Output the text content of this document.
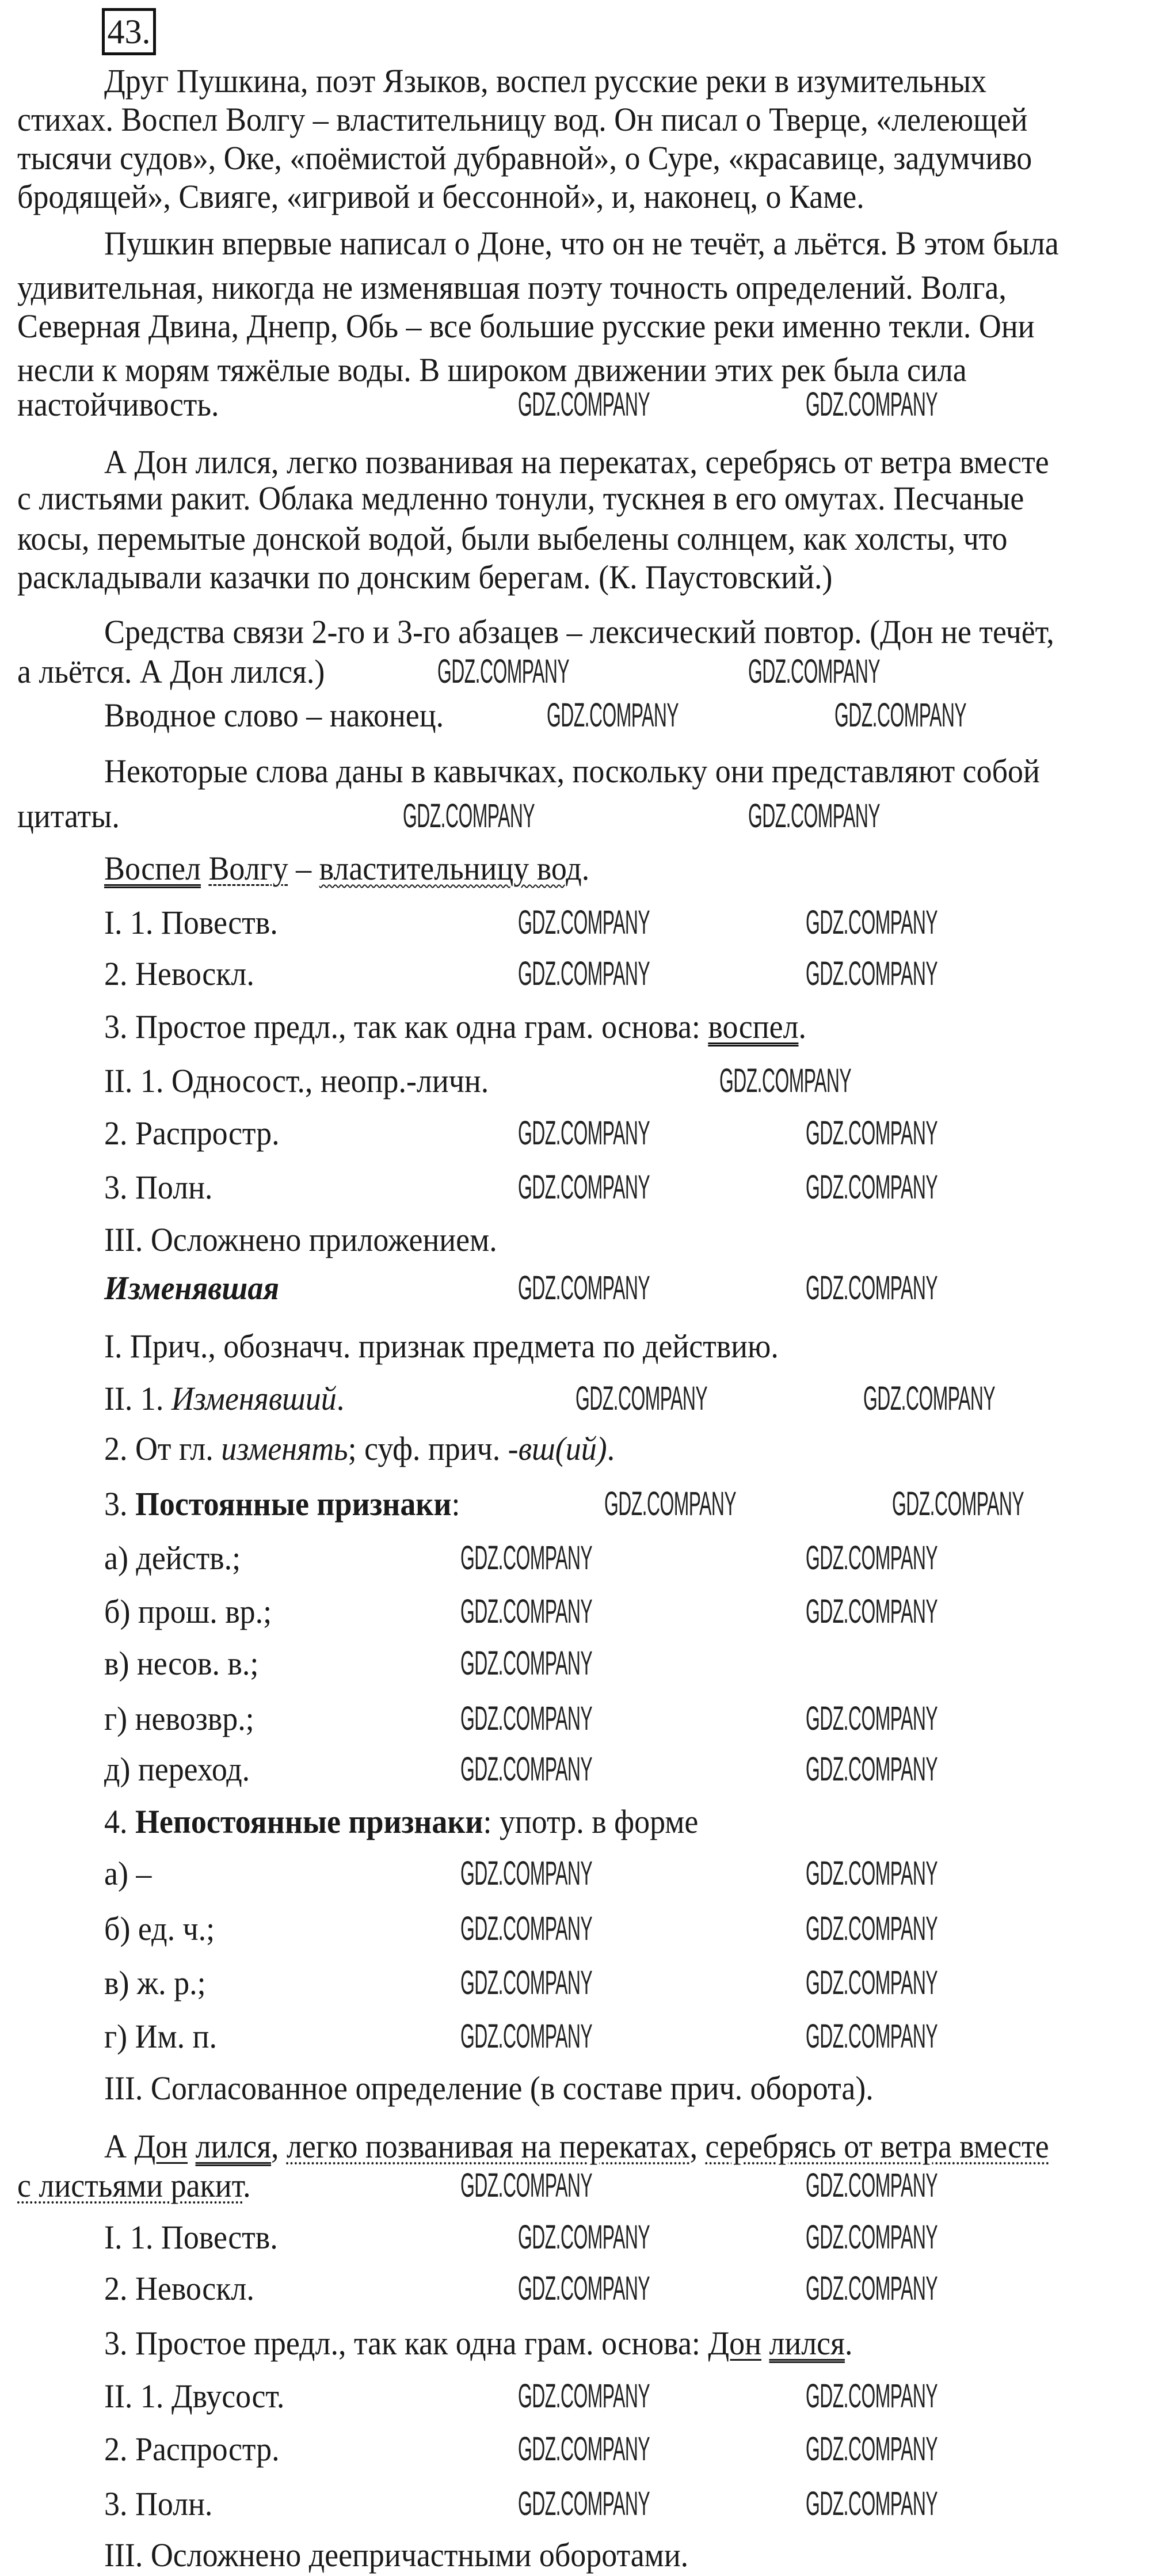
43.
Друг Пушкина, поэт Языков, воспел русские реки в изумительных
стихах. Воспел Волгу – властительницу вод. Он писал о Тверце, «лелеющей
тысячи судов», Оке, «поёмистой дубравной», о Суре, «красавице, задумчиво
бродящей», Свияге, «игривой и бессонной», и, наконец, о Каме.
Пушкин впервые написал о Доне, что он не течёт, а льётся. В этом была
удивительная, никогда не изменявшая поэту точность определений. Волга,
Северная Двина, Днепр, Обь – все большие русские реки именно текли. Они
несли к морям тяжёлые воды. В широком движении этих рек была сила
настойчивость.
А Дон лился, легко позванивая на перекатах, серебрясь от ветра вместе
с листьями ракит. Облака медленно тонули, тускнея в его омутах. Песчаные
косы, перемытые донской водой, были выбелены солнцем, как холсты, что
раскладывали казачки по донским берегам. (К. Паустовский.)
Средства связи 2-го и 3-го абзацев – лексический повтор. (Дон не течёт,
а льётся. А Дон лился.)
Вводное слово – наконец.
Некоторые слова даны в кавычках, поскольку они представляют собой
цитаты.
Воспел Волгу – властительницу вод.
I. 1. Повеств.
2. Невоскл.
3. Простое предл., так как одна грам. основа: воспел.
II. 1. Односост., неопр.-личн.
2. Распростр.
3. Полн.
III. Осложнено приложением.
Изменявшая
I. Прич., обозначч. признак предмета по действию.
II. 1. Изменявший.
2. От гл. изменять; суф. прич. -вш(ий).
3. Постоянные признаки:
а) действ.;
б) прош. вр.;
в) несов. в.;
г) невозвр.;
д) переход.
4. Непостоянные признаки: употр. в форме
а) –
б) ед. ч.;
в) ж. р.;
г) Им. п.
III. Согласованное определение (в составе прич. оборота).
А Дон лился, легко позванивая на перекатах, серебрясь от ветра вместе
с листьями ракит.
I. 1. Повеств.
2. Невоскл.
3. Простое предл., так как одна грам. основа: Дон лился.
II. 1. Двусост.
2. Распростр.
3. Полн.
III. Осложнено деепричастными оборотами.
GDZ.COMPANY	GDZ.COMPANY
GDZ.COMPANY	GDZ.COMPANY
GDZ.COMPANY	GDZ.COMPANY
GDZ.COMPANY	GDZ.COMPANY
GDZ.COMPANY	GDZ.COMPANY
GDZ.COMPANY	GDZ.COMPANY
GDZ.COMPANY
GDZ.COMPANY	GDZ.COMPANY
GDZ.COMPANY	GDZ.COMPANY
GDZ.COMPANY	GDZ.COMPANY
GDZ.COMPANY	GDZ.COMPANY
GDZ.COMPANY	GDZ.COMPANY
GDZ.COMPANY	GDZ.COMPANY
GDZ.COMPANY	GDZ.COMPANY
GDZ.COMPANY
GDZ.COMPANY	GDZ.COMPANY
GDZ.COMPANY	GDZ.COMPANY
GDZ.COMPANY	GDZ.COMPANY
GDZ.COMPANY	GDZ.COMPANY
GDZ.COMPANY	GDZ.COMPANY
GDZ.COMPANY	GDZ.COMPANY
GDZ.COMPANY	GDZ.COMPANY
GDZ.COMPANY	GDZ.COMPANY
GDZ.COMPANY	GDZ.COMPANY
GDZ.COMPANY	GDZ.COMPANY
GDZ.COMPANY	GDZ.COMPANY
GDZ.COMPANY	GDZ.COMPANY
